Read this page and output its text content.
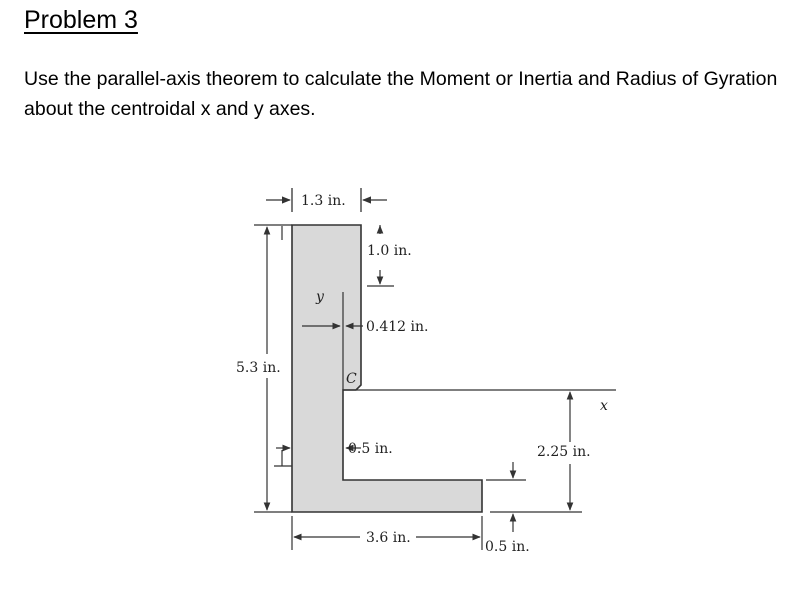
Problem 3

Use the parallel-axis theorem to calculate the Moment or Inertia and Radius of Gyration about the centroidal x and y axes.

1.3 in.
1.0 in.
y
0.412 in.
5.3 in.
C
x
0.5 in.	2.25 in.
0.5 in.
3.6 in.
